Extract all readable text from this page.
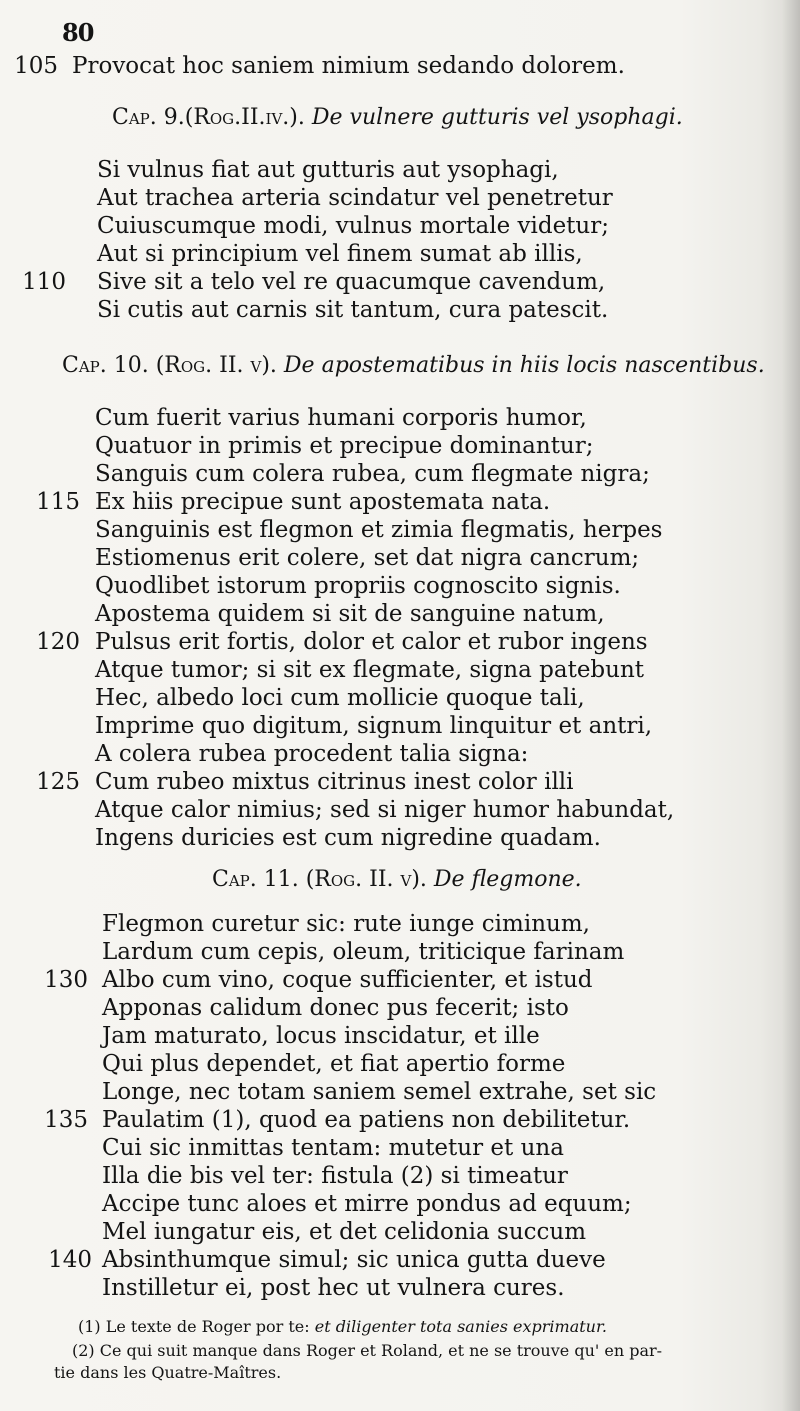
80
105 Provocat hoc saniem nimium sedando dolorem.
Cap. 9.(Rog.II.iv.). De vulnere gutturis vel ysophagi.
Si vulnus fiat aut gutturis aut ysophagi,
Aut trachea arteria scindatur vel penetretur
Cuiuscumque modi, vulnus mortale videtur;
Aut si principium vel finem sumat ab illis,
110 Sive sit a telo vel re quacumque cavendum,
Si cutis aut carnis sit tantum, cura patescit.
Cap. 10. (Rog. II. v). De apostematibus in hiis locis nascentibus.
Cum fuerit varius humani corporis humor,
Quatuor in primis et precipue dominantur;
Sanguis cum colera rubea, cum flegmate nigra;
115 Ex hiis precipue sunt apostemata nata.
Sanguinis est flegmon et zimia flegmatis, herpes
Estiomenus erit colere, set dat nigra cancrum;
Quodlibet istorum propriis cognoscito signis.
Apostema quidem si sit de sanguine natum,
120 Pulsus erit fortis, dolor et calor et rubor ingens
Atque tumor; si sit ex flegmate, signa patebunt
Hec, albedo loci cum mollicie quoque tali,
Imprime quo digitum, signum linquitur et antri,
A colera rubea procedent talia signa:
125 Cum rubeo mixtus citrinus inest color illi
Atque calor nimius; sed si niger humor habundat,
Ingens duricies est cum nigredine quadam.
Cap. 11. (Rog. II. v). De flegmone.
Flegmon curetur sic: rute iunge ciminum,
Lardum cum cepis, oleum, triticique farinam
130 Albo cum vino, coque sufficienter, et istud
Apponas calidum donec pus fecerit; isto
Jam maturato, locus inscidatur, et ille
Qui plus dependet, et fiat apertio forme
Longe, nec totam saniem semel extrahe, set sic
135 Paulatim (1), quod ea patiens non debilitetur.
Cui sic inmittas tentam: mutetur et una
Illa die bis vel ter: fistula (2) si timeatur
Accipe tunc aloes et mirre pondus ad equum;
Mel iungatur eis, et det celidonia succum
140 Absinthumque simul; sic unica gutta dueve
Instilletur ei, post hec ut vulnera cures.
(1) Le texte de Roger por te: et diligenter tota sanies exprimatur.
(2) Ce qui suit manque dans Roger et Roland, et ne se trouve qu' en par-
tie dans les Quatre-Maîtres.
